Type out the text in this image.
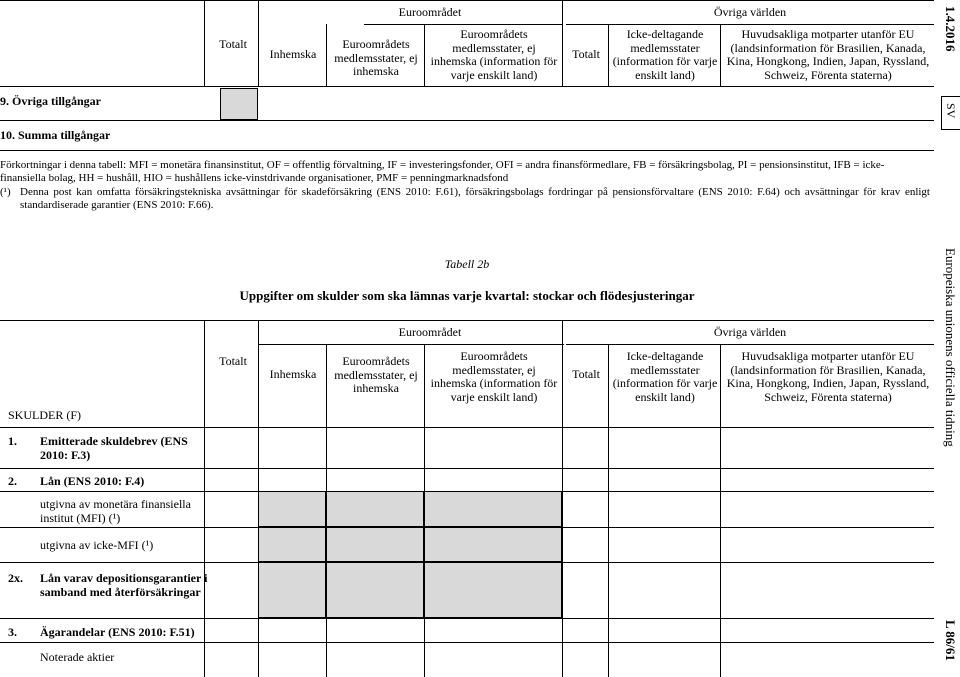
Euroområdet	Övriga världen
Totalt
Inhemska
Euroområdets medlemsstater, ej inhemska
Euroområdets medlemsstater, ej inhemska (information för varje enskilt land)
Totalt
Icke-deltagande medlemsstater (information för varje enskilt land)
Huvudsakliga motparter utanför EU (landsinformation för Brasilien, Kanada, Kina, Hongkong, Indien, Japan, Ryssland, Schweiz, Förenta staterna)
9. Övriga tillgångar
10. Summa tillgångar
Förkortningar i denna tabell: MFI = monetära finansinstitut, OF = offentlig förvaltning, IF = investeringsfonder, OFI = andra finansförmedlare, FB = försäkringsbolag, PI = pensionsinstitut, IFB = icke-finansiella bolag, HH = hushåll, HIO = hushållens icke-vinstdrivande organisationer, PMF = penningmarknadsfond
(¹) Denna post kan omfatta försäkringstekniska avsättningar för skadeförsäkring (ENS 2010: F.61), försäkringsbolags fordringar på pensionsförvaltare (ENS 2010: F.64) och avsättningar för krav enligt standardiserade garantier (ENS 2010: F.66).
Tabell 2b
Uppgifter om skulder som ska lämnas varje kvartal: stockar och flödesjusteringar
Euroområdet	Övriga världen
Totalt
Inhemska
Euroområdets medlemsstater, ej inhemska
Euroområdets medlemsstater, ej inhemska (information för varje enskilt land)
Totalt
Icke-deltagande medlemsstater (information för varje enskilt land)
Huvudsakliga motparter utanför EU (landsinformation för Brasilien, Kanada, Kina, Hongkong, Indien, Japan, Ryssland, Schweiz, Förenta staterna)
SKULDER (F)
1. Emitterade skuldebrev (ENS 2010: F.3)
2. Lån (ENS 2010: F.4)
utgivna av monetära finansiella institut (MFI) (¹)
utgivna av icke-MFI (¹)
2x. Lån varav depositionsgarantier i samband med återförsäkringar
3. Ägarandelar (ENS 2010: F.51)
Noterade aktier
1.4.2016
SV
Europeiska unionens officiella tidning
L 86/61
